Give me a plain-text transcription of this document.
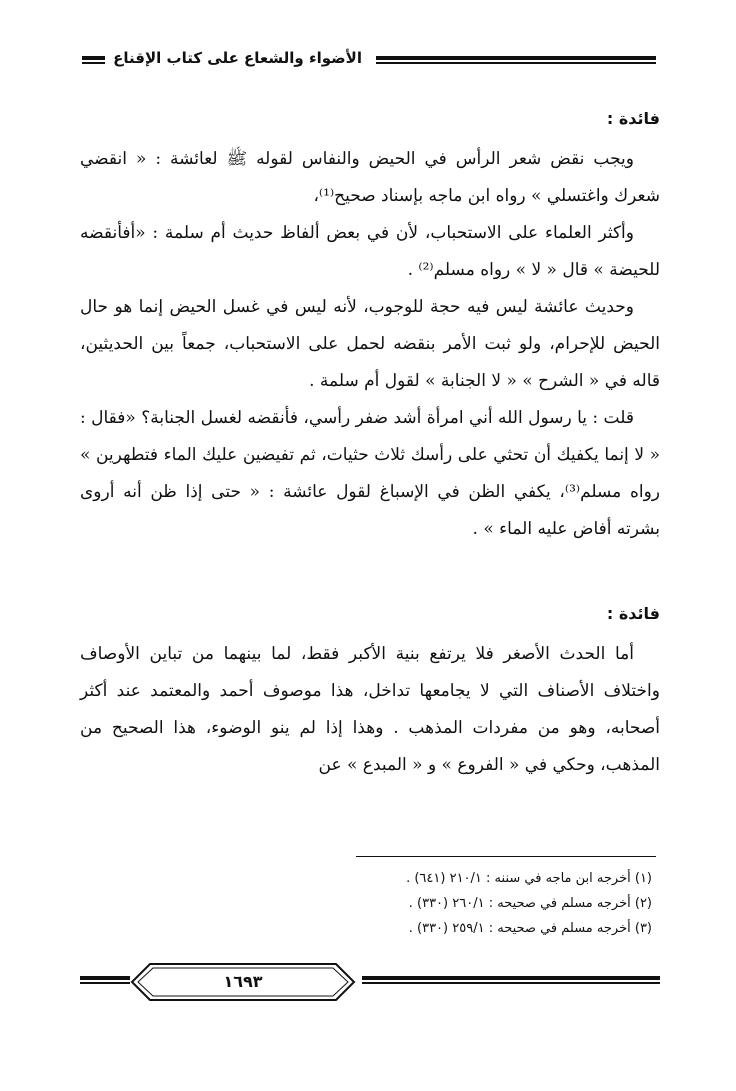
الأضواء والشعاع على كتاب الإقناع

فائدة :

ويجب نقض شعر الرأس في الحيض والنفاس لقوله ﷺ لعائشة : « انقضي شعرك واغتسلي » رواه ابن ماجه بإسناد صحيح⁽¹⁾،

وأكثر العلماء على الاستحباب، لأن في بعض ألفاظ حديث أم سلمة : «أفأنقضه للحيضة » قال « لا » رواه مسلم⁽²⁾ .

وحديث عائشة ليس فيه حجة للوجوب، لأنه ليس في غسل الحيض إنما هو حال الحيض للإحرام، ولو ثبت الأمر بنقضه لحمل على الاستحباب، جمعاً بين الحديثين، قاله في « الشرح » « لا الجنابة » لقول أم سلمة .

قلت : يا رسول الله أني امرأة أشد ضفر رأسي، فأنقضه لغسل الجنابة؟ «فقال : « لا إنما يكفيك أن تحثي على رأسك ثلاث حثيات، ثم تفيضين عليك الماء فتطهرين » رواه مسلم⁽³⁾، يكفي الظن في الإسباغ لقول عائشة : « حتى إذا ظن أنه أروى بشرته أفاض عليه الماء » .

فائدة :

أما الحدث الأصغر فلا يرتفع بنية الأكبر فقط، لما بينهما من تباين الأوصاف واختلاف الأصناف التي لا يجامعها تداخل، هذا موصوف أحمد والمعتمد عند أكثر أصحابه، وهو من مفردات المذهب . وهذا إذا لم ينو الوضوء، هذا الصحيح من المذهب، وحكي في « الفروع » و « المبدع » عن

(١) أخرجه ابن ماجه في سننه : ٢١٠/١ (٦٤١) .

(٢) أخرجه مسلم في صحيحه : ٢٦٠/١ (٣٣٠) .

(٣) أخرجه مسلم في صحيحه : ٢٥٩/١ (٣٣٠) .

١٦٩٣
